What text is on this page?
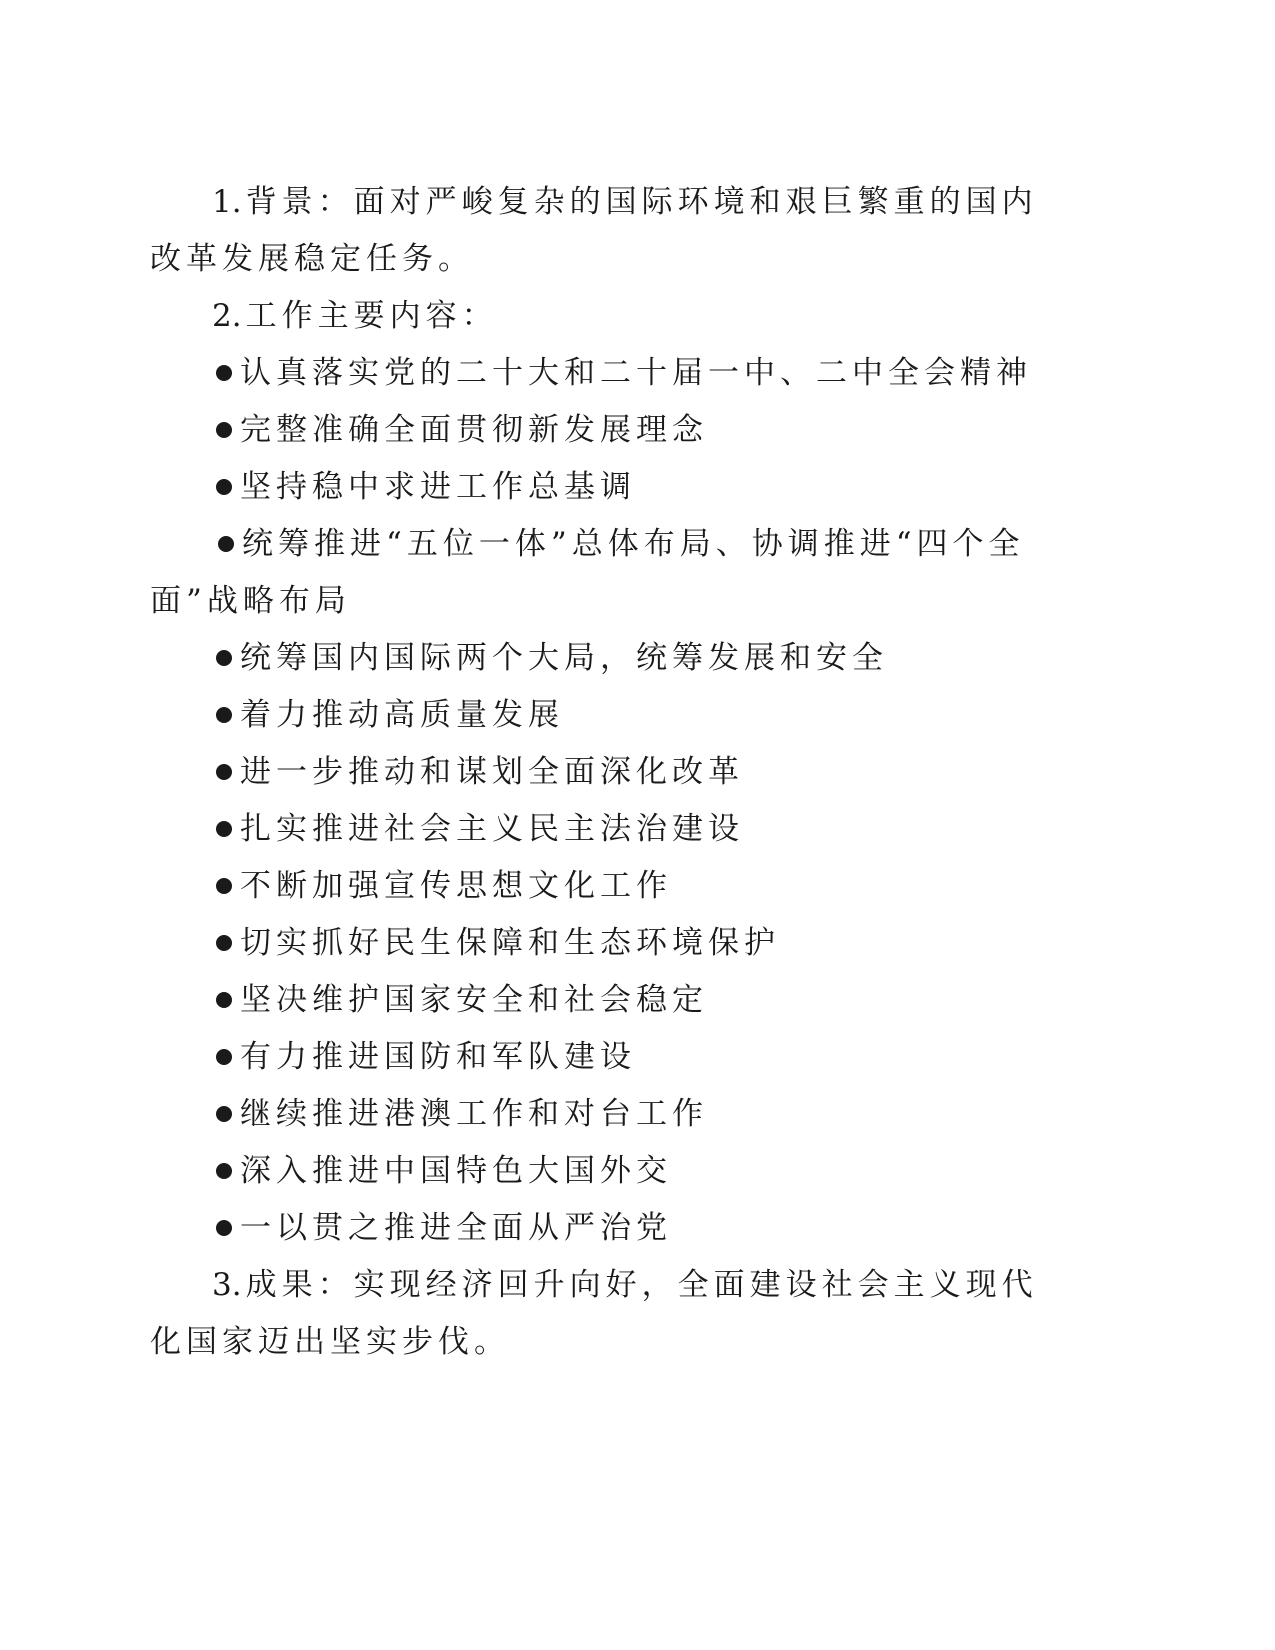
1. 背景：面对严峻复杂的国际环境和艰巨繁重的国内改革发展稳定任务。

2. 工作主要内容：

认真落实党的二十大和二十届一中、二中全会精神

完整准确全面贯彻新发展理念

坚持稳中求进工作总基调

统筹推进“五位一体”总体布局、协调推进“四个全面”战略布局

统筹国内国际两个大局，统筹发展和安全

着力推动高质量发展

进一步推动和谋划全面深化改革

扎实推进社会主义民主法治建设

不断加强宣传思想文化工作

切实抓好民生保障和生态环境保护

坚决维护国家安全和社会稳定

有力推进国防和军队建设

继续推进港澳工作和对台工作

深入推进中国特色大国外交

一以贯之推进全面从严治党

3. 成果：实现经济回升向好，全面建设社会主义现代化国家迈出坚实步伐。
